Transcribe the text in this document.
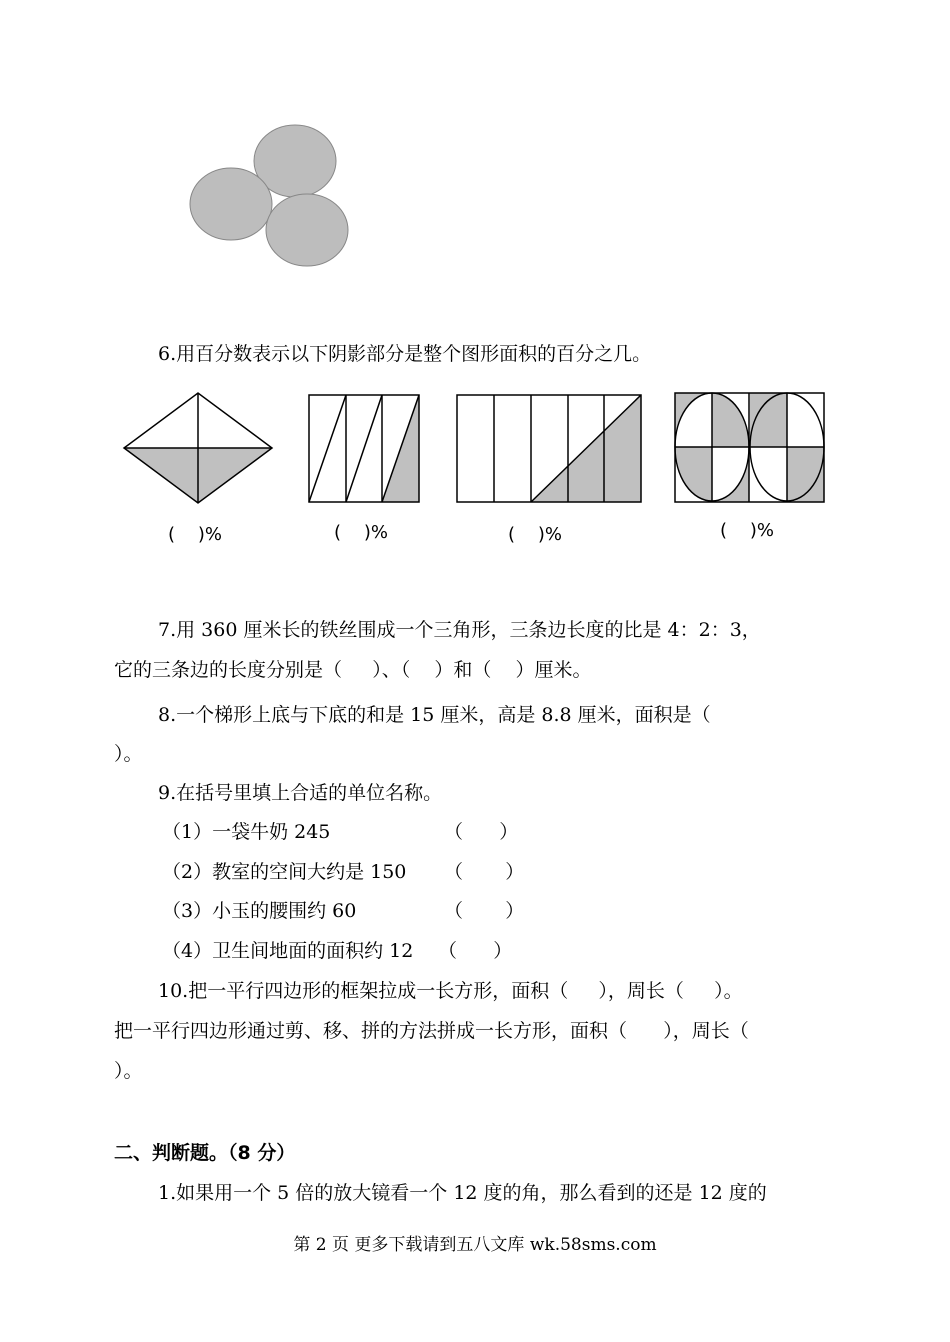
6.用百分数表示以下阴影部分是整个图形面积的百分之几。
(    )%	(    )%	(    )%	(    )%
7.用 360 厘米长的铁丝围成一个三角形，三条边长度的比是 4：2：3，
它的三条边的长度分别是（     ）、（    ）和（    ）厘米。
8.一个梯形上底与下底的和是 15 厘米，高是 8.8 厘米，面积是（
）。
9.在括号里填上合适的单位名称。
（1）一袋牛奶 245	（      ）
（2）教室的空间大约是 150 （       ）
（3）小玉的腰围约 60	（       ）
（4）卫生间地面的面积约 12 （      ）
10.把一平行四边形的框架拉成一长方形，面积（     ），周长（     ）。
把一平行四边形通过剪、移、拼的方法拼成一长方形，面积（      ），周长（
）。
二、判断题。（8 分）
1.如果用一个 5 倍的放大镜看一个 12 度的角，那么看到的还是 12 度的
第 2 页 更多下载请到五八文库 wk.58sms.com
